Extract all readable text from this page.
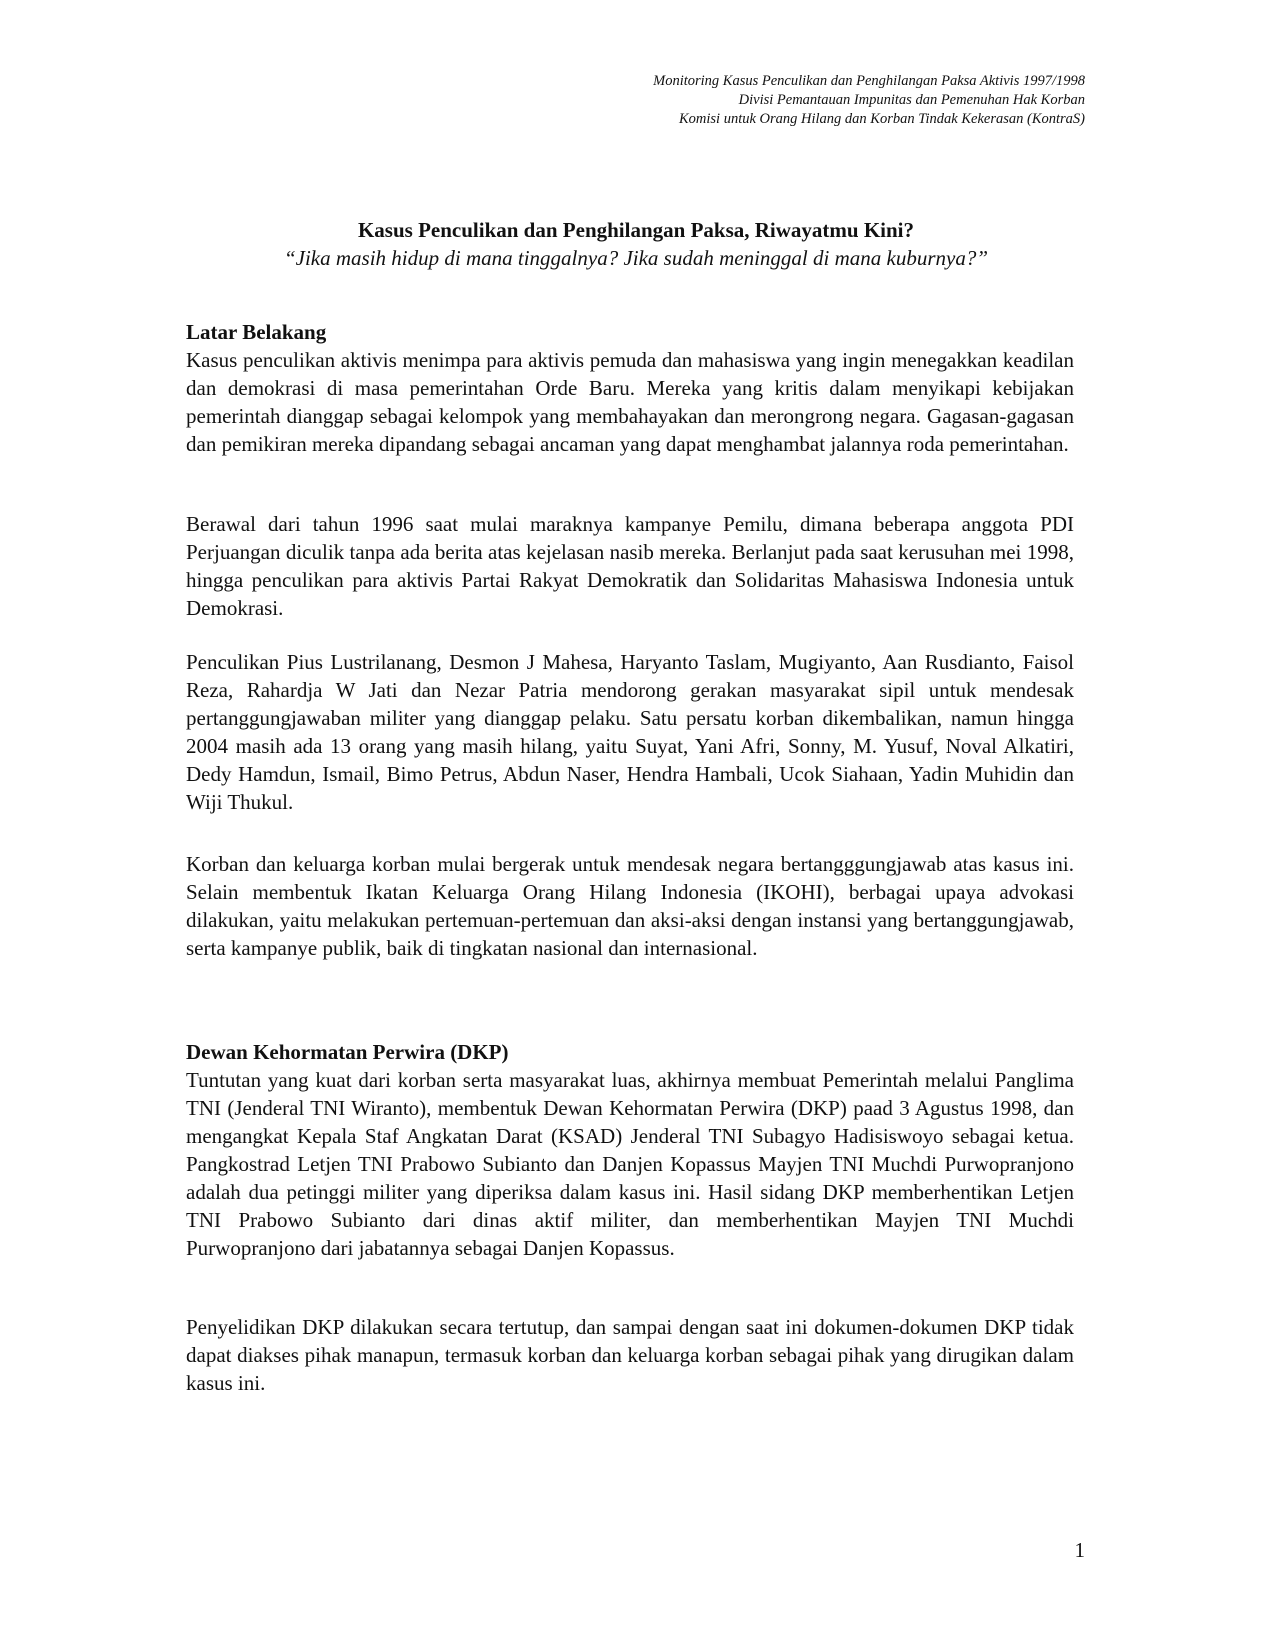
Monitoring Kasus Penculikan dan Penghilangan Paksa Aktivis 1997/1998
Divisi Pemantauan Impunitas dan Pemenuhan Hak Korban
Komisi untuk Orang Hilang dan Korban Tindak Kekerasan (KontraS)

Kasus Penculikan dan Penghilangan Paksa, Riwayatmu Kini?

“Jika masih hidup di mana tinggalnya? Jika sudah meninggal di mana kuburnya?”

Latar Belakang

Kasus penculikan aktivis menimpa para aktivis pemuda dan mahasiswa yang ingin menegakkan keadilan dan demokrasi di masa pemerintahan Orde Baru. Mereka yang kritis dalam menyikapi kebijakan pemerintah dianggap sebagai kelompok yang membahayakan dan merongrong negara. Gagasan-gagasan dan pemikiran mereka dipandang sebagai ancaman yang dapat menghambat jalannya roda pemerintahan.

Berawal dari tahun 1996 saat mulai maraknya kampanye Pemilu, dimana beberapa anggota PDI Perjuangan diculik tanpa ada berita atas kejelasan nasib mereka. Berlanjut pada saat kerusuhan mei 1998, hingga penculikan para aktivis Partai Rakyat Demokratik dan Solidaritas Mahasiswa Indonesia untuk Demokrasi.

Penculikan Pius Lustrilanang, Desmon J Mahesa, Haryanto Taslam, Mugiyanto, Aan Rusdianto, Faisol Reza, Rahardja W Jati dan Nezar Patria mendorong gerakan masyarakat sipil untuk mendesak pertanggungjawaban militer yang dianggap pelaku. Satu persatu korban dikembalikan, namun hingga 2004 masih ada 13 orang yang masih hilang, yaitu Suyat, Yani Afri, Sonny, M. Yusuf, Noval Alkatiri, Dedy Hamdun, Ismail, Bimo Petrus, Abdun Naser, Hendra Hambali, Ucok Siahaan, Yadin Muhidin dan Wiji Thukul.

Korban dan keluarga korban mulai bergerak untuk mendesak negara bertangggungjawab atas kasus ini. Selain membentuk Ikatan Keluarga Orang Hilang Indonesia (IKOHI), berbagai upaya advokasi dilakukan, yaitu melakukan pertemuan-pertemuan dan aksi-aksi dengan instansi yang bertanggungjawab, serta kampanye publik, baik di tingkatan nasional dan internasional.

Dewan Kehormatan Perwira (DKP)

Tuntutan yang kuat dari korban serta masyarakat luas, akhirnya membuat Pemerintah melalui Panglima TNI (Jenderal TNI Wiranto), membentuk Dewan Kehormatan Perwira (DKP) paad 3 Agustus 1998, dan mengangkat Kepala Staf Angkatan Darat (KSAD) Jenderal TNI Subagyo Hadisiswoyo sebagai ketua. Pangkostrad Letjen TNI Prabowo Subianto dan Danjen Kopassus Mayjen TNI Muchdi Purwopranjono adalah dua petinggi militer yang diperiksa dalam kasus ini. Hasil sidang DKP memberhentikan Letjen TNI Prabowo Subianto dari dinas aktif militer, dan memberhentikan Mayjen TNI Muchdi Purwopranjono dari jabatannya sebagai Danjen Kopassus.

Penyelidikan DKP dilakukan secara tertutup, dan sampai dengan saat ini dokumen-dokumen DKP tidak dapat diakses pihak manapun, termasuk korban dan keluarga korban sebagai pihak yang dirugikan dalam kasus ini.

1
